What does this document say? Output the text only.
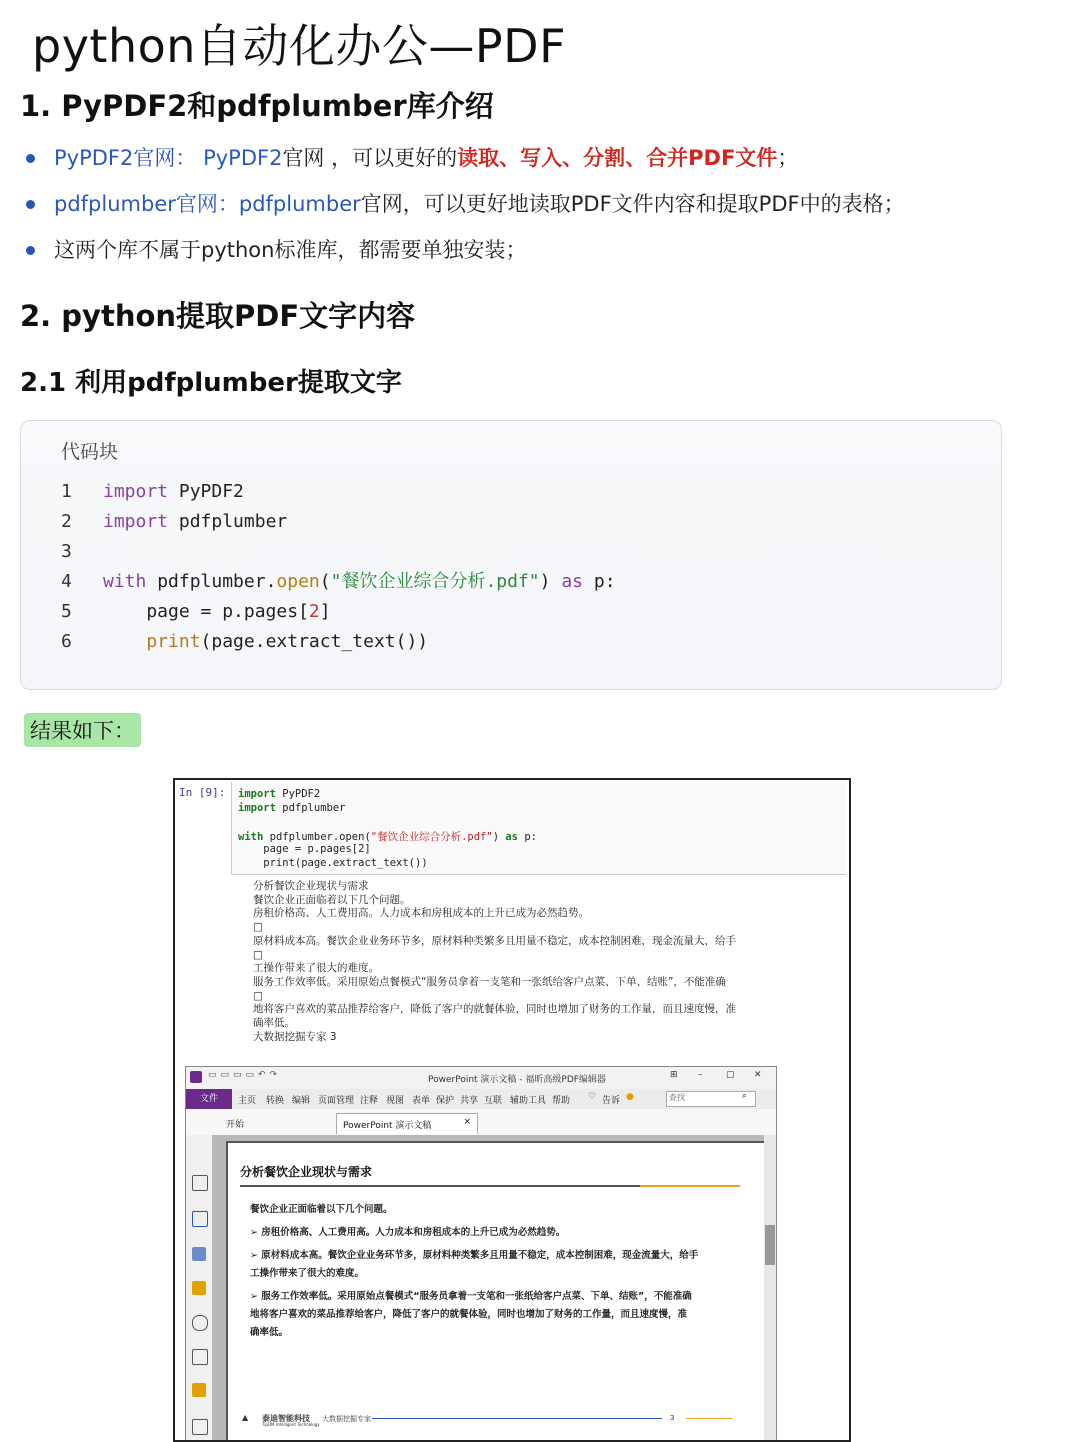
python自动化办公—PDF
1. PyPDF2和pdfplumber库介绍
PyPDF2官网： PyPDF2官网 ，可以更好的读取、写入、分割、合并PDF文件；
pdfplumber官网：pdfplumber官网，可以更好地读取PDF文件内容和提取PDF中的表格；
这两个库不属于python标准库，都需要单独安装；
2. python提取PDF文字内容
2.1 利用pdfplumber提取文字
代码块
1	import PyPDF2
2	import pdfplumber
3
4	with pdfplumber.open("餐饮企业综合分析.pdf") as p:
5	page = p.pages[2]
6	print(page.extract_text())
结果如下：
In [9]: import PyPDF2
import pdfplumber
with pdfplumber.open("餐饮企业综合分析.pdf") as p:
page = p.pages[2]
print(page.extract_text())
分析餐饮企业现状与需求
餐饮企业正面临着以下几个问题。
房租价格高、人工费用高。人力成本和房租成本的上升已成为必然趋势。
□
原材料成本高。餐饮企业业务环节多，原材料种类繁多且用量不稳定，成本控制困难，现金流量大，给手
□
工操作带来了很大的难度。
服务工作效率低。采用原始点餐模式“服务员拿着一支笔和一张纸给客户点菜、下单、结账”，不能准确
□
地将客户喜欢的菜品推荐给客户，降低了客户的就餐体验，同时也增加了财务的工作量，而且速度慢，准
确率低。
大数据挖掘专家 3
▭▭▭▭↶↷	PowerPoint 演示文稿 - 福昕高级PDF编辑器	⊞ –	▢ ✕
文件	主页 转换 编辑 页面管理 注释 视图 表单 保护 共享 互联 辅助工具 帮助 ♡ 告诉 ●	查找	⌕
开始	PowerPoint 演示文稿	×
分析餐饮企业现状与需求
餐饮企业正面临着以下几个问题。
➢ 房租价格高、人工费用高。人力成本和房租成本的上升已成为必然趋势。
➢ 原材料成本高。餐饮企业业务环节多，原材料种类繁多且用量不稳定，成本控制困难，现金流量大，给手
工操作带来了很大的难度。
➢ 服务工作效率低。采用原始点餐模式“服务员拿着一支笔和一张纸给客户点菜、下单、结账”，不能准确
地将客户喜欢的菜品推荐给客户，降低了客户的就餐体验，同时也增加了财务的工作量，而且速度慢，准
确率低。
▲ 泰迪智能科技
TipDM Intelligent Technology
大数据挖掘专家	3
